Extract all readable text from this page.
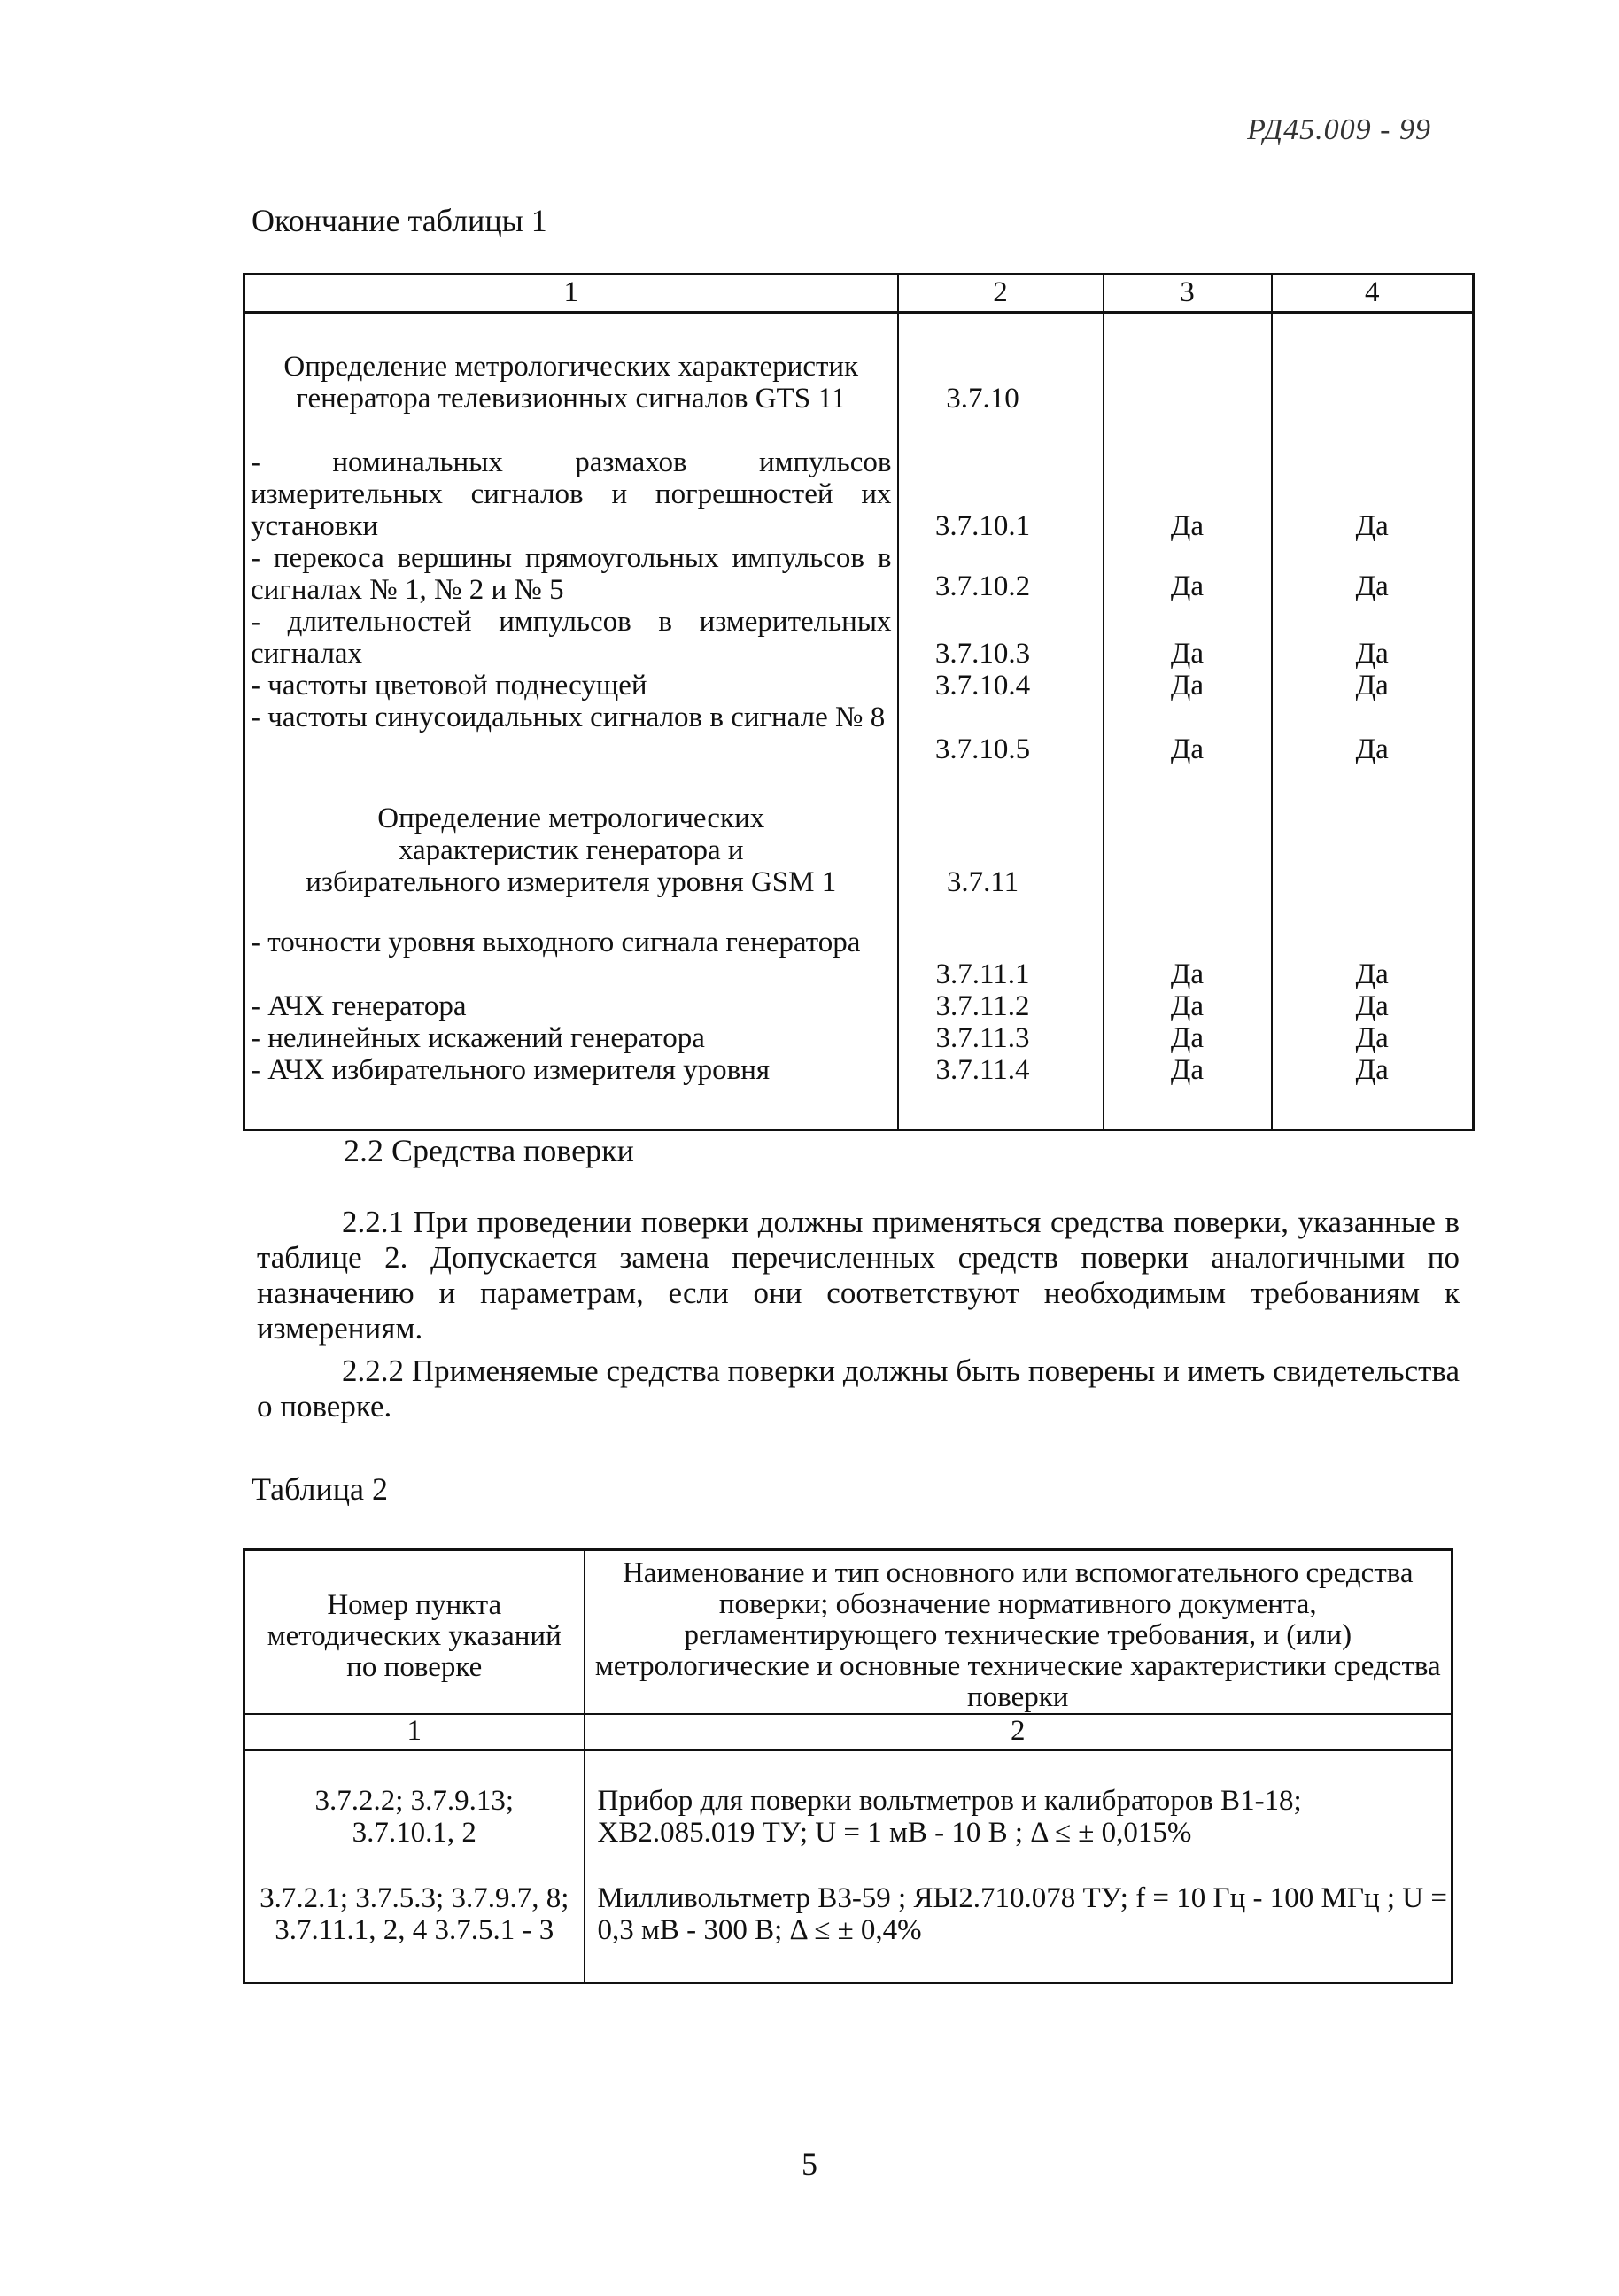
РД45.009 - 99
Окончание таблицы 1
1	2	3	4
Определение метрологических характеристик генератора телевизионных сигналов GTS 11	3.7.10		
- номинальных размахов импульсов измерительных сигналов и погрешностей их установки	3.7.10.1	Да	Да
- перекоса вершины прямоугольных импульсов в сигналах № 1, № 2 и № 5	3.7.10.2	Да	Да
- длительностей импульсов в измерительных сигналах	3.7.10.3	Да	Да
- частоты цветовой поднесущей	3.7.10.4	Да	Да
- частоты синусоидальных сигналов в сигнале № 8	3.7.10.5	Да	Да
Определение метрологических характеристик генератора и избирательного измерителя уровня GSM 1	3.7.11		
- точности уровня выходного сигнала генератора	3.7.11.1	Да	Да
- АЧХ генератора	3.7.11.2	Да	Да
- нелинейных искажений генератора	3.7.11.3	Да	Да
- АЧХ избирательного измерителя уровня	3.7.11.4	Да	Да
2.2 Средства поверки
2.2.1 При проведении поверки должны применяться средства поверки, указанные в таблице 2. Допускается замена перечисленных средств поверки аналогичными по назначению и параметрам, если они соответствуют необходимым требованиям к измерениям.
2.2.2 Применяемые средства поверки должны быть поверены и иметь свидетельства о поверке.
Таблица 2
Номер пункта методических указаний по поверке	Наименование и тип основного или вспомогательного средства поверки; обозначение нормативного документа, регламентирующего технические требования, и (или) метрологические и основные технические характеристики средства поверки
1	2
3.7.2.2; 3.7.9.13; 3.7.10.1, 2	Прибор для поверки вольтметров и калибраторов В1-18; ХВ2.085.019 ТУ; U = 1 мВ - 10 В ; Δ ≤ ± 0,015%
3.7.2.1; 3.7.5.3; 3.7.9.7, 8; 3.7.11.1, 2, 4 3.7.5.1 - 3	Милливольтметр В3-59 ; ЯЫ2.710.078 ТУ; f = 10 Гц - 100 МГц ; U = 0,3 мВ - 300 В; Δ ≤ ± 0,4%
5
